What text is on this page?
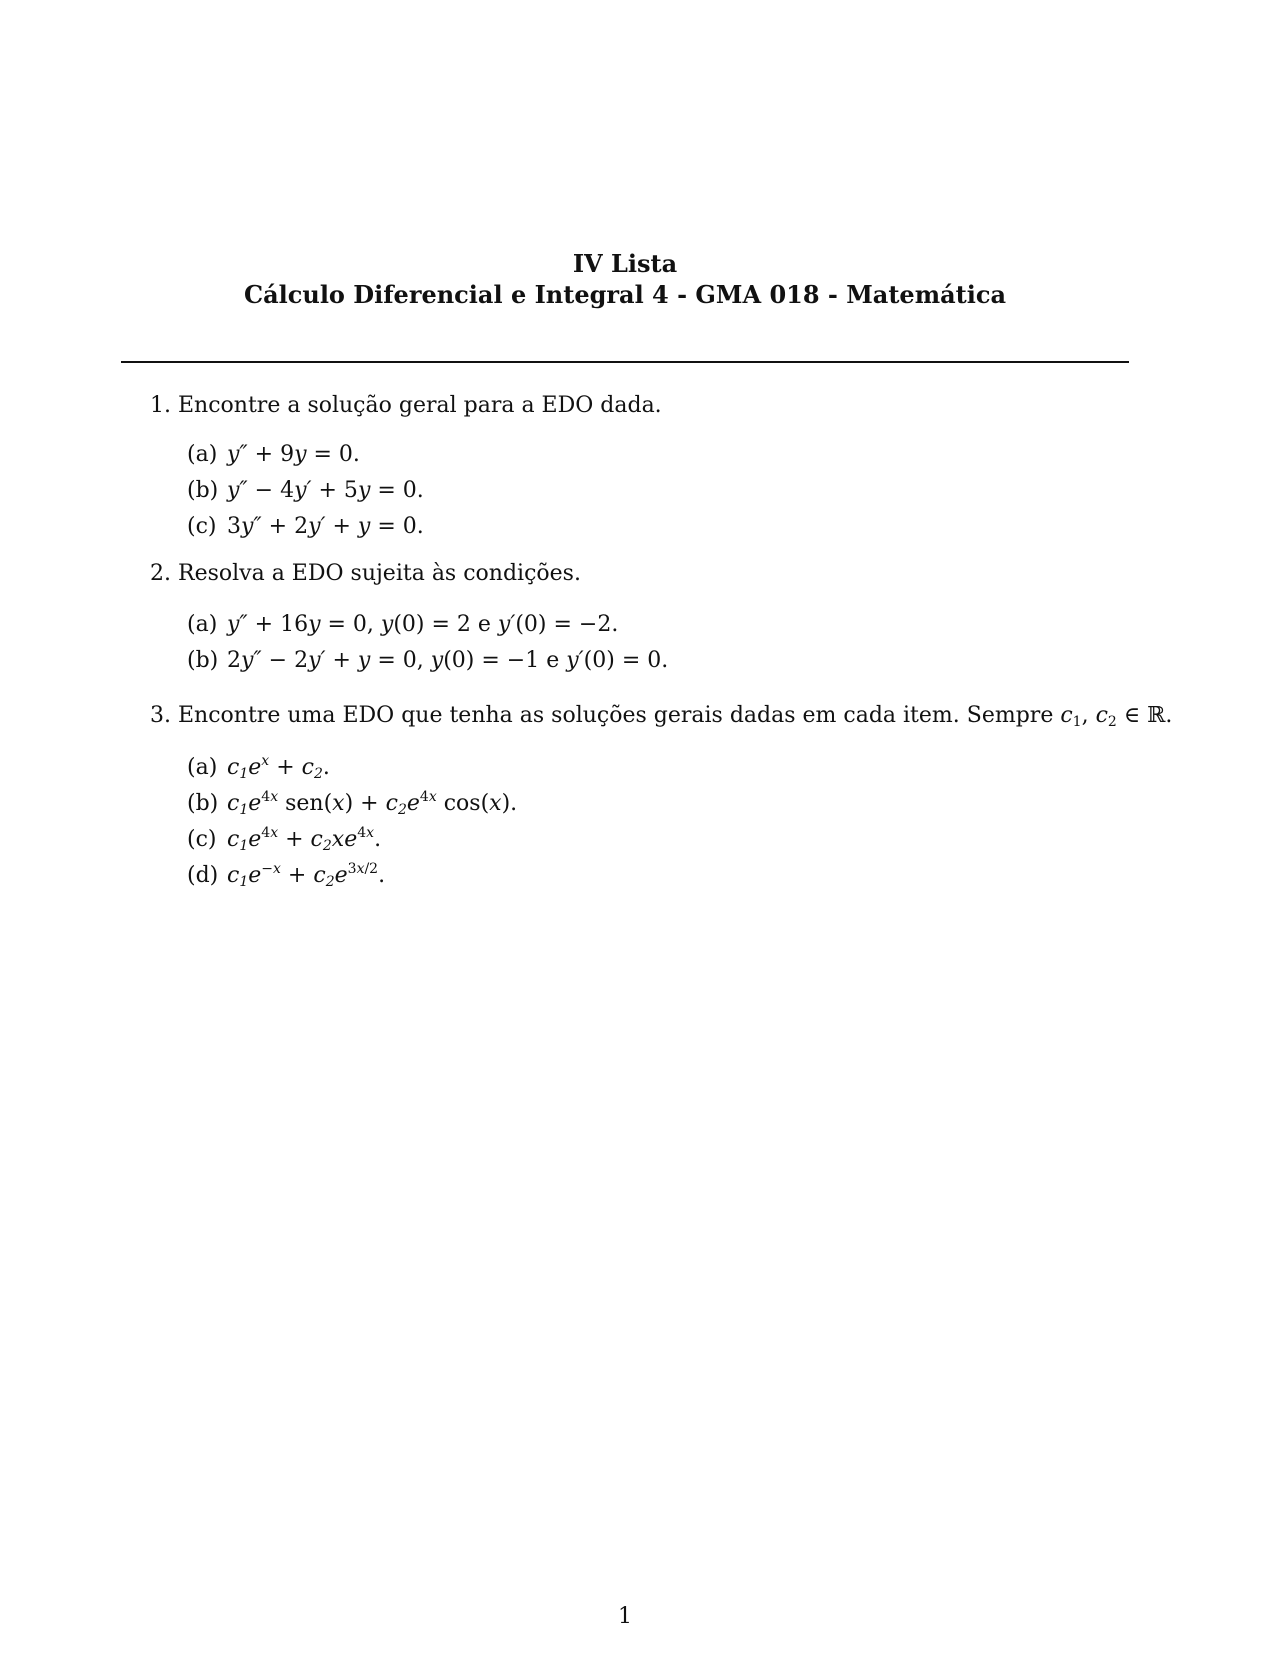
IV Lista
Cálculo Diferencial e Integral 4 - GMA 018 - Matemática
1. Encontre a solução geral para a EDO dada.
(a) y″ + 9y = 0.
(b) y″ − 4y′ + 5y = 0.
(c) 3y″ + 2y′ + y = 0.
2. Resolva a EDO sujeita às condições.
(a) y″ + 16y = 0, y(0) = 2 e y′(0) = −2.
(b) 2y″ − 2y′ + y = 0, y(0) = −1 e y′(0) = 0.
3. Encontre uma EDO que tenha as soluções gerais dadas em cada item. Sempre $c_1$, $c_2$ ∈ ℝ.
(a) $c_1e^x + c_2$.
(b) $c_1e^{4x}$ $sen(x) + c_2e^{4x}$ cos(x).
(c) $c_1e^{4x} + c_2xe^{4x}$.
(d) $c_1e^{-x} + c_2e^{3x/2}$.
1
